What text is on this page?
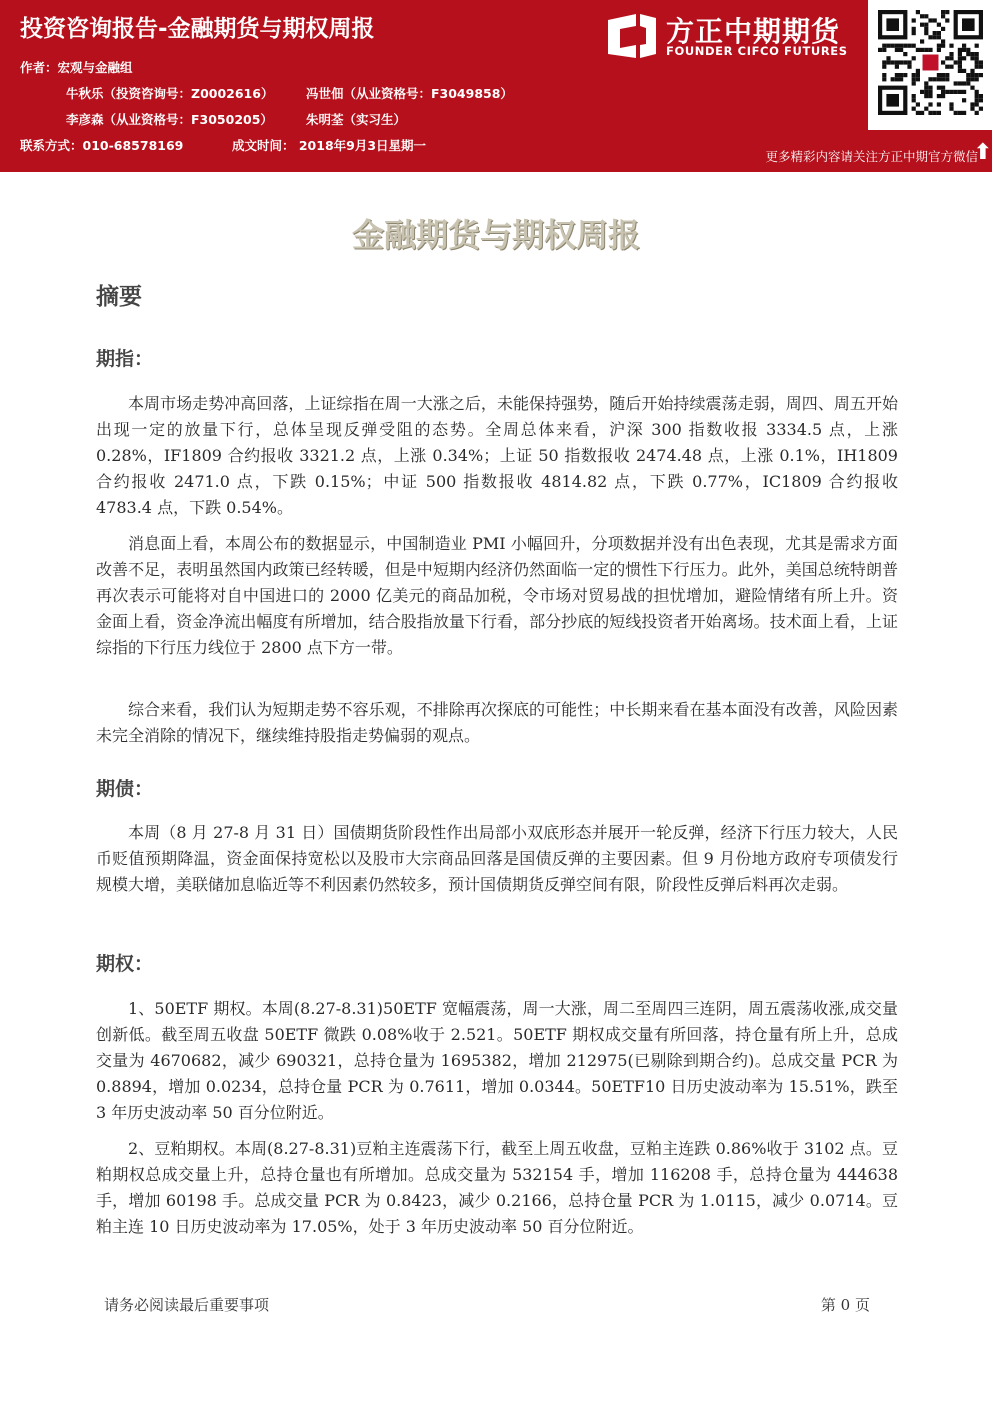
投资咨询报告-金融期货与期权周报
作者：宏观与金融组
牛秋乐（投资咨询号：Z0002616）	冯世佃（从业资格号：F3049858）
李彦森（从业资格号：F3050205）	朱明荃（实习生）
联系方式：010-68578169	成文时间： 2018年9月3日星期一
方正中期期货
FOUNDER CIFCO FUTURES
更多精彩内容请关注方正中期官方微信
⬆
金融期货与期权周报
摘要
期指：

本周市场走势冲高回落，上证综指在周一大涨之后，未能保持强势，随后开始持续震荡走弱，周四、周五开始出现一定的放量下行，总体呈现反弹受阻的态势。全周总体来看，沪深 300 指数收报 3334.5 点，上涨 0.28%，IF1809 合约报收 3321.2 点，上涨 0.34%；上证 50 指数报收 2474.48 点，上涨 0.1%，IH1809 合约报收 2471.0 点，下跌 0.15%；中证 500 指数报收 4814.82 点，下跌 0.77%，IC1809 合约报收 4783.4 点，下跌 0.54%。

消息面上看，本周公布的数据显示，中国制造业 PMI 小幅回升，分项数据并没有出色表现，尤其是需求方面改善不足，表明虽然国内政策已经转暖，但是中短期内经济仍然面临一定的惯性下行压力。此外，美国总统特朗普再次表示可能将对自中国进口的 2000 亿美元的商品加税，令市场对贸易战的担忧增加，避险情绪有所上升。资金面上看，资金净流出幅度有所增加，结合股指放量下行看，部分抄底的短线投资者开始离场。技术面上看，上证综指的下行压力线位于 2800 点下方一带。

综合来看，我们认为短期走势不容乐观，不排除再次探底的可能性；中长期来看在基本面没有改善，风险因素未完全消除的情况下，继续维持股指走势偏弱的观点。

期债：

本周（8 月 27-8 月 31 日）国债期货阶段性作出局部小双底形态并展开一轮反弹，经济下行压力较大，人民币贬值预期降温，资金面保持宽松以及股市大宗商品回落是国债反弹的主要因素。但 9 月份地方政府专项债发行规模大增，美联储加息临近等不利因素仍然较多，预计国债期货反弹空间有限，阶段性反弹后料再次走弱。

期权：

1、50ETF 期权。本周(8.27-8.31)50ETF 宽幅震荡，周一大涨，周二至周四三连阴，周五震荡收涨,成交量创新低。截至周五收盘 50ETF 微跌 0.08%收于 2.521。50ETF 期权成交量有所回落，持仓量有所上升，总成交量为 4670682，减少 690321，总持仓量为 1695382，增加 212975(已剔除到期合约)。总成交量 PCR 为 0.8894，增加 0.0234，总持仓量 PCR 为 0.7611，增加 0.0344。50ETF10 日历史波动率为 15.51%，跌至 3 年历史波动率 50 百分位附近。

2、豆粕期权。本周(8.27-8.31)豆粕主连震荡下行，截至上周五收盘，豆粕主连跌 0.86%收于 3102 点。豆粕期权总成交量上升，总持仓量也有所增加。总成交量为 532154 手，增加 116208 手，总持仓量为 444638 手，增加 60198 手。总成交量 PCR 为 0.8423，减少 0.2166，总持仓量 PCR 为 1.0115，减少 0.0714。豆粕主连 10 日历史波动率为 17.05%，处于 3 年历史波动率 50 百分位附近。

请务必阅读最后重要事项	第 0 页
